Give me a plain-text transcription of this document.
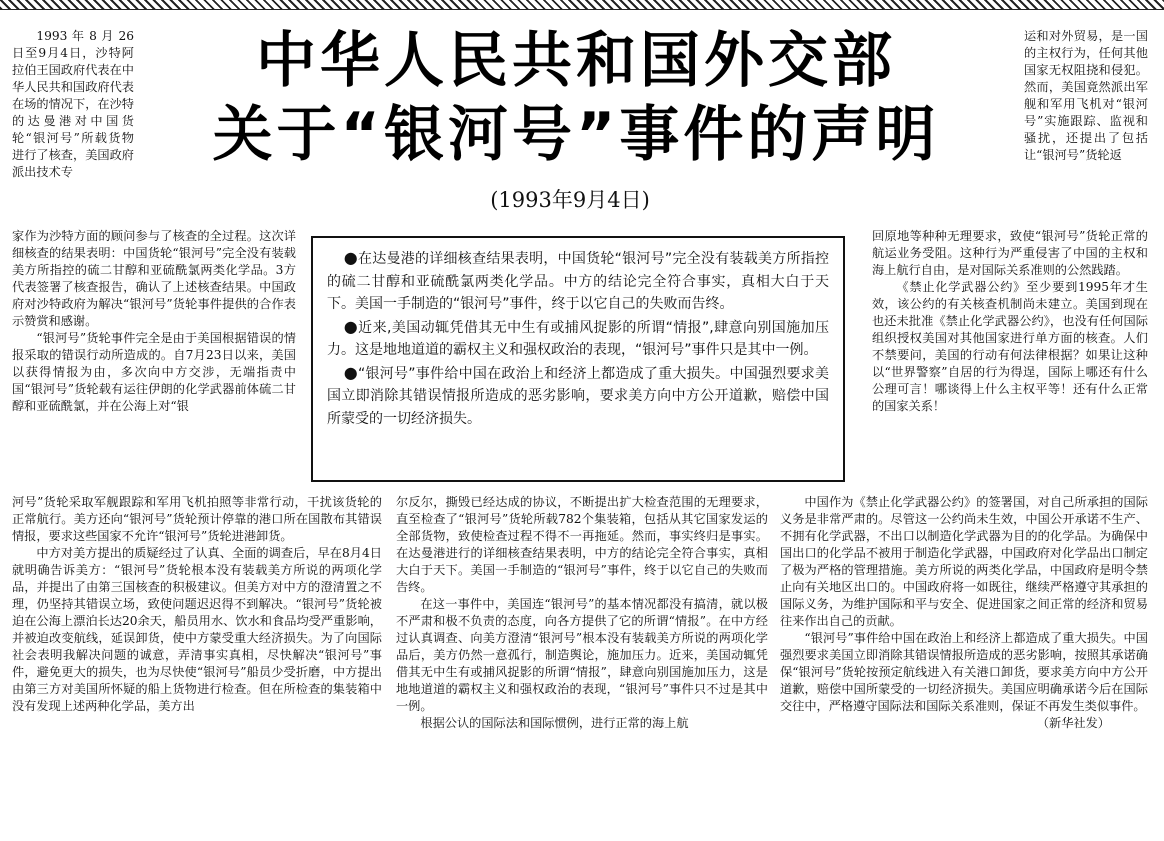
中华人民共和国外交部
关于“银河号”事件的声明
(1993年9月4日)

●在达曼港的详细核查结果表明，中国货轮“银河号”完全没有装载美方所指控的硫二甘醇和亚硫酰氯两类化学品。中方的结论完全符合事实，真相大白于天下。美国一手制造的“银河号”事件，终于以它自己的失败而告终。

●近来,美国动辄凭借其无中生有或捕风捉影的所谓“情报”,肆意向别国施加压力。这是地地道道的霸权主义和强权政治的表现，“银河号”事件只是其中一例。

●“银河号”事件给中国在政治上和经济上都造成了重大损失。中国强烈要求美国立即消除其错误情报所造成的恶劣影响，要求美方向中方公开道歉，赔偿中国所蒙受的一切经济损失。

1993 年 8 月 26 日至9月4日，沙特阿拉伯王国政府代表在中华人民共和国政府代表在场的情况下，在沙特的达曼港对中国货轮“银河号”所载货物进行了核查，美国政府派出技术专

家作为沙特方面的顾问参与了核查的全过程。这次详细核查的结果表明：中国货轮“银河号”完全没有装载美方所指控的硫二甘醇和亚硫酰氯两类化学品。3方代表签署了核查报告，确认了上述核查结果。中国政府对沙特政府为解决“银河号”货轮事件提供的合作表示赞赏和感谢。

“银河号”货轮事件完全是由于美国根据错误的情报采取的错误行动所造成的。自7月23日以来，美国以获得情报为由，多次向中方交涉，无端指责中国“银河号”货轮载有运往伊朗的化学武器前体硫二甘醇和亚硫酰氯，并在公海上对“银

河号”货轮采取军舰跟踪和军用飞机拍照等非常行动，干扰该货轮的正常航行。美方还向“银河号”货轮预计停靠的港口所在国散布其错误情报，要求这些国家不允许“银河号”货轮进港卸货。

中方对美方提出的质疑经过了认真、全面的调查后，早在8月4日就明确告诉美方：“银河号”货轮根本没有装载美方所说的两项化学品，并提出了由第三国核查的积极建议。但美方对中方的澄清置之不理，仍坚持其错误立场，致使问题迟迟得不到解决。“银河号”货轮被迫在公海上漂泊长达20余天，船员用水、饮水和食品均受严重影响，并被迫改变航线，延误卸货，使中方蒙受重大经济损失。为了向国际社会表明我解决问题的诚意，弄清事实真相，尽快解决“银河号”事件，避免更大的损失，也为尽快使“银河号”船员少受折磨，中方提出由第三方对美国所怀疑的船上货物进行检查。但在所检查的集装箱中没有发现上述两种化学品，美方出

尔反尔，撕毁已经达成的协议，不断提出扩大检查范围的无理要求，直至检查了“银河号”货轮所载782个集装箱，包括从其它国家发运的全部货物，致使检查过程不得不一再拖延。然而，事实终归是事实。在达曼港进行的详细核查结果表明，中方的结论完全符合事实，真相大白于天下。美国一手制造的“银河号”事件，终于以它自己的失败而告终。

在这一事件中，美国连“银河号”的基本情况都没有搞清，就以极不严肃和极不负责的态度，向各方提供了它的所谓“情报”。在中方经过认真调查、向美方澄清“银河号”根本没有装载美方所说的两项化学品后，美方仍然一意孤行，制造舆论，施加压力。近来，美国动辄凭借其无中生有或捕风捉影的所谓“情报”，肆意向别国施加压力，这是地地道道的霸权主义和强权政治的表现，“银河号”事件只不过是其中一例。

根据公认的国际法和国际惯例，进行正常的海上航

运和对外贸易，是一国的主权行为，任何其他国家无权阻挠和侵犯。然而，美国竟然派出军舰和军用飞机对“银河号”实施跟踪、监视和骚扰，还提出了包括让“银河号”货轮返

回原地等种种无理要求，致使“银河号”货轮正常的航运业务受阻。这种行为严重侵害了中国的主权和海上航行自由，是对国际关系准则的公然践踏。

《禁止化学武器公约》至少要到1995年才生效，该公约的有关核查机制尚未建立。美国到现在也还未批准《禁止化学武器公约》，也没有任何国际组织授权美国对其他国家进行单方面的核查。人们不禁要问，美国的行动有何法律根据？如果让这种以“世界警察”自居的行为得逞，国际上哪还有什么公理可言！哪谈得上什么主权平等！还有什么正常的国家关系！

中国作为《禁止化学武器公约》的签署国，对自己所承担的国际义务是非常严肃的。尽管这一公约尚未生效，中国公开承诺不生产、不拥有化学武器，不出口以制造化学武器为目的的化学品。为确保中国出口的化学品不被用于制造化学武器，中国政府对化学品出口制定了极为严格的管理措施。美方所说的两类化学品，中国政府是明令禁止向有关地区出口的。中国政府将一如既往，继续严格遵守其承担的国际义务，为维护国际和平与安全、促进国家之间正常的经济和贸易往来作出自己的贡献。

“银河号”事件给中国在政治上和经济上都造成了重大损失。中国强烈要求美国立即消除其错误情报所造成的恶劣影响，按照其承诺确保“银河号”货轮按预定航线进入有关港口卸货，要求美方向中方公开道歉，赔偿中国所蒙受的一切经济损失。美国应明确承诺今后在国际交往中，严格遵守国际法和国际关系准则，保证不再发生类似事件。

（新华社发）
